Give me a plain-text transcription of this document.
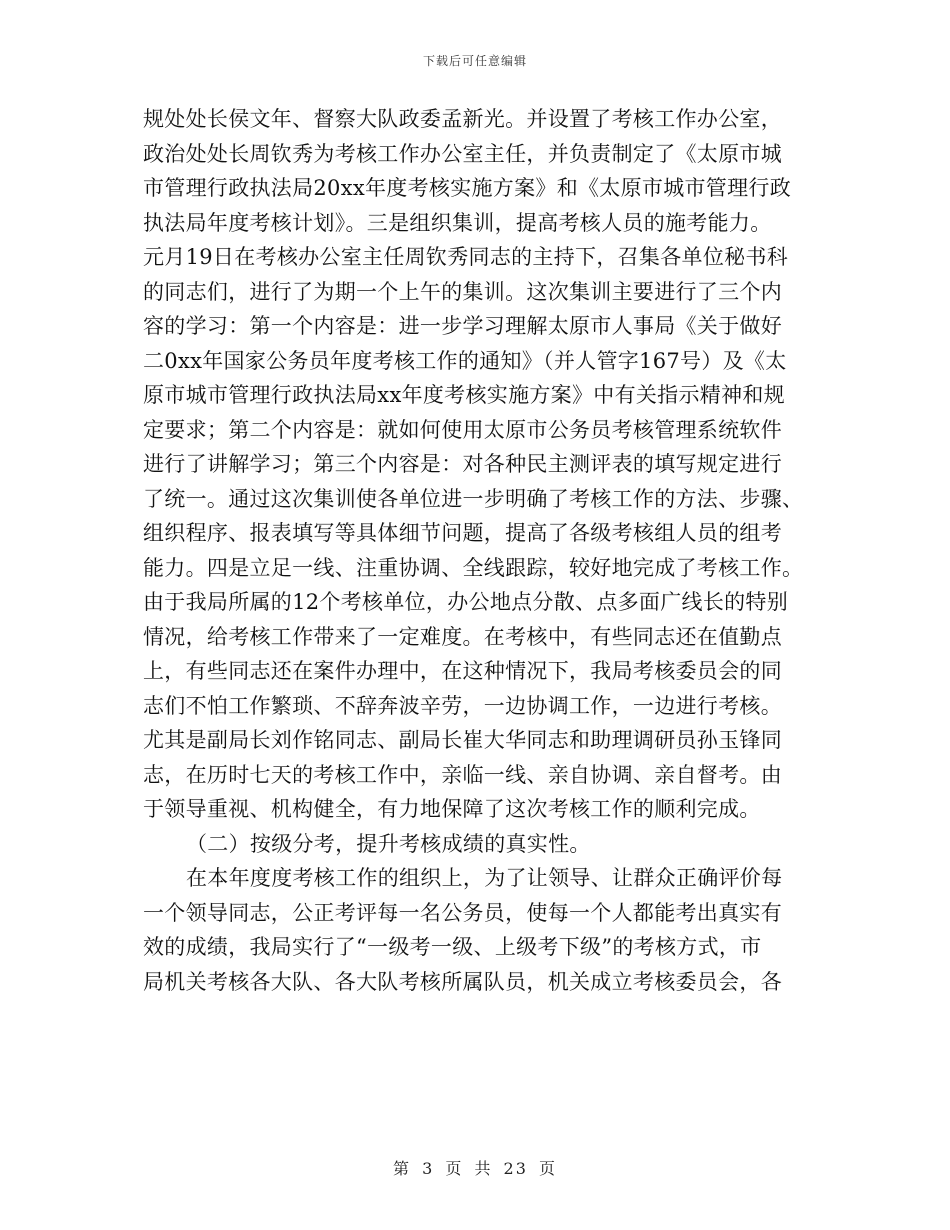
下载后可任意编辑
规处处长侯文年、督察大队政委孟新光。并设置了考核工作办公室，
政治处处长周钦秀为考核工作办公室主任，并负责制定了《太原市城
市管理行政执法局20xx年度考核实施方案》和《太原市城市管理行政
执法局年度考核计划》。三是组织集训，提高考核人员的施考能力。
元月19日在考核办公室主任周钦秀同志的主持下，召集各单位秘书科
的同志们，进行了为期一个上午的集训。这次集训主要进行了三个内
容的学习：第一个内容是：进一步学习理解太原市人事局《关于做好
二0xx年国家公务员年度考核工作的通知》（并人管字167号）及《太
原市城市管理行政执法局xx年度考核实施方案》中有关指示精神和规
定要求；第二个内容是：就如何使用太原市公务员考核管理系统软件
进行了讲解学习；第三个内容是：对各种民主测评表的填写规定进行
了统一。通过这次集训使各单位进一步明确了考核工作的方法、步骤、
组织程序、报表填写等具体细节问题，提高了各级考核组人员的组考
能力。四是立足一线、注重协调、全线跟踪，较好地完成了考核工作。
由于我局所属的12个考核单位，办公地点分散、点多面广线长的特别
情况，给考核工作带来了一定难度。在考核中，有些同志还在值勤点
上，有些同志还在案件办理中，在这种情况下，我局考核委员会的同
志们不怕工作繁琐、不辞奔波辛劳，一边协调工作，一边进行考核。
尤其是副局长刘作铭同志、副局长崔大华同志和助理调研员孙玉锋同
志，在历时七天的考核工作中，亲临一线、亲自协调、亲自督考。由
于领导重视、机构健全，有力地保障了这次考核工作的顺利完成。
（二）按级分考，提升考核成绩的真实性。
在本年度度考核工作的组织上，为了让领导、让群众正确评价每
一个领导同志，公正考评每一名公务员，使每一个人都能考出真实有
效的成绩，我局实行了“一级考一级、上级考下级”的考核方式，市
局机关考核各大队、各大队考核所属队员，机关成立考核委员会，各
第 3 页 共 23 页
